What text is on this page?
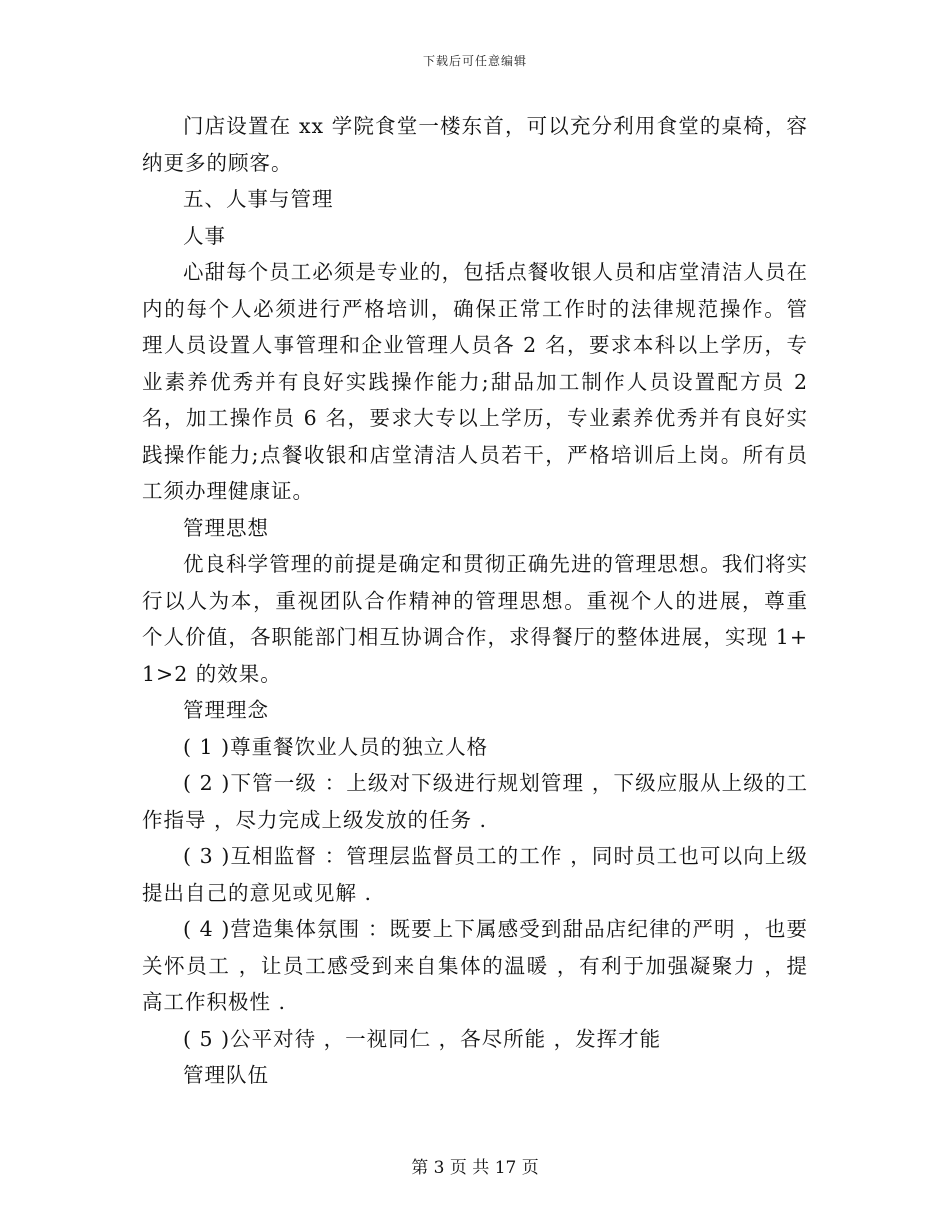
下载后可任意编辑

门店设置在 xx 学院食堂一楼东首，可以充分利用食堂的桌椅，容纳更多的顾客。

五、人事与管理

人事

心甜每个员工必须是专业的，包括点餐收银人员和店堂清洁人员在内的每个人必须进行严格培训，确保正常工作时的法律规范操作。管理人员设置人事管理和企业管理人员各 2 名，要求本科以上学历，专业素养优秀并有良好实践操作能力;甜品加工制作人员设置配方员 2 名，加工操作员 6 名，要求大专以上学历，专业素养优秀并有良好实践操作能力;点餐收银和店堂清洁人员若干，严格培训后上岗。所有员工须办理健康证。

管理思想

优良科学管理的前提是确定和贯彻正确先进的管理思想。我们将实行以人为本，重视团队合作精神的管理思想。重视个人的进展，尊重个人价值，各职能部门相互协调合作，求得餐厅的整体进展，实现 1+1>2 的效果。

管理理念

( 1 )尊重餐饮业人员的独立人格

( 2 )下管一级 ：上级对下级进行规划管理 ，下级应服从上级的工作指导 ，尽力完成上级发放的任务 .

( 3 )互相监督 ：管理层监督员工的工作 ，同时员工也可以向上级提出自己的意见或见解 .

( 4 )营造集体氛围 ：既要上下属感受到甜品店纪律的严明 ，也要关怀员工 ，让员工感受到来自集体的温暖 ，有利于加强凝聚力 ，提高工作积极性 .

( 5 )公平对待 ，一视同仁 ，各尽所能 ，发挥才能

管理队伍

第 3 页 共 17 页
